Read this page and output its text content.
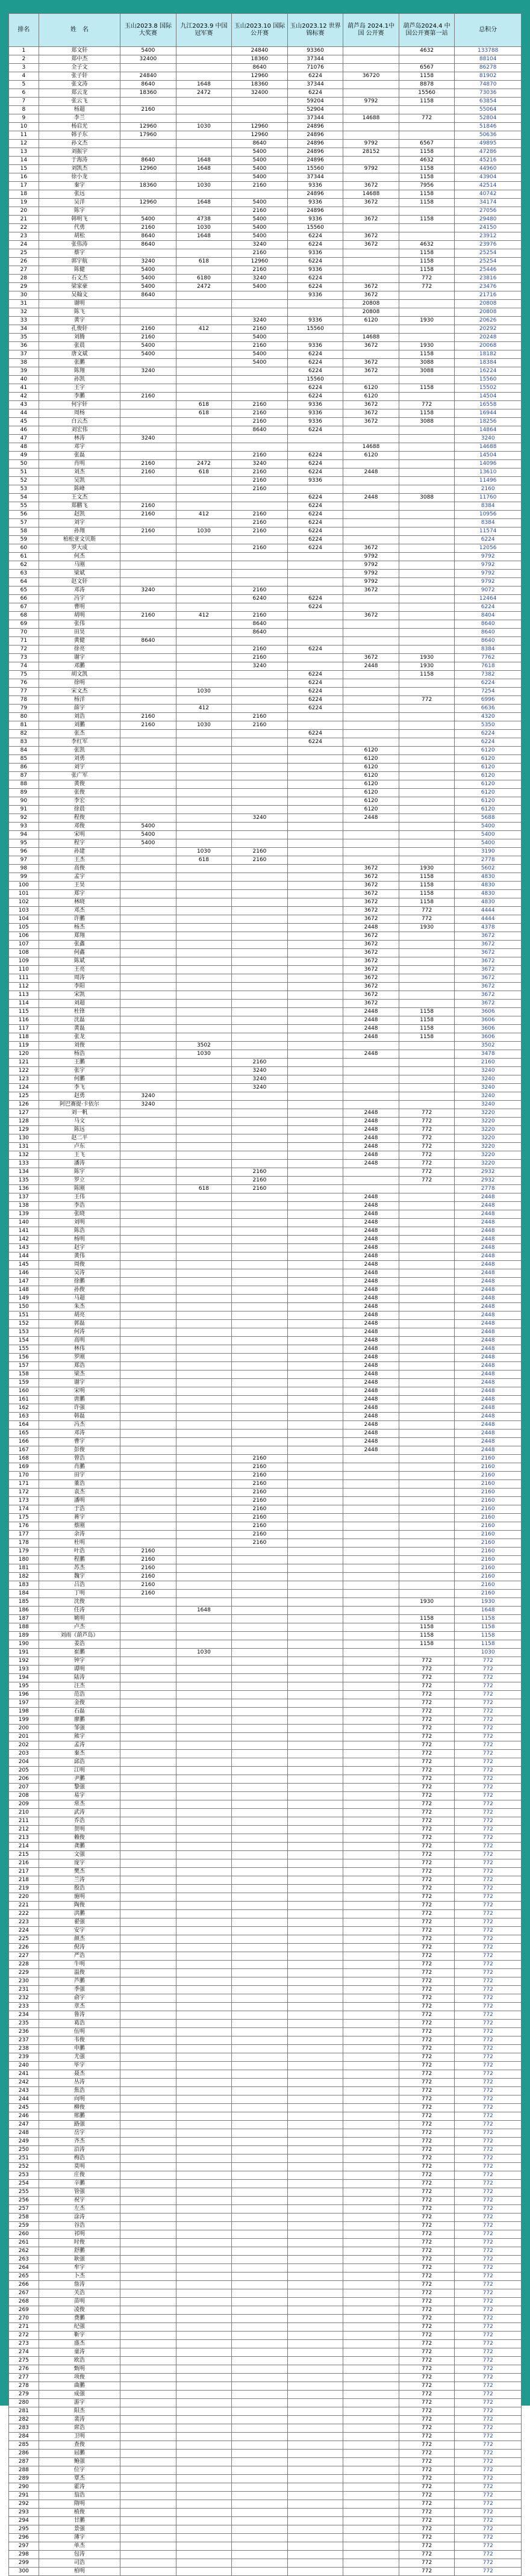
排名	姓　名	玉山2023.8 国际大奖赛	九江2023.9 中国冠军赛	玉山2023.10 国际公开赛	玉山2023.12 世界锦标赛	葫芦岛 2024.1中国 公开赛	葫芦岛2024.4 中国公开赛第一站	总积分
1	郑文轩	5400		24840	93360		4632	133788
2	郑中杰	32400		18360	37344			88104
3	全子文			8640	71076		6567	86278
4	张子轩	24840		12960	6224	36720	1158	81902
5	张文涛	8640	1648	18360	37344		8878	74870
6	郑云龙	18360	2472	32400	6224		15560	73036
7	张云飞				59204	9792	1158	63854
8	杨超	2160			52904			55064
9	李兰				37344	14688	772	52804
10	杨启光	12960	1030	12960	24896			51846
11	韩子东	17960		12960	24896			50636
12	孙文杰			8640	24896	9792	6567	49895
13	刘振宇			5400	24896	28152	1158	47286
14	于海涛	8640	1648	5400	24896		4632	45216
15	刘凯杰	12960	1648	5400	15560	9792	1158	44960
16	徐小龙			5400	37344		1158	43904
17	秦宇	18360	1030	2160	9336	3672	7956	42514
18	张远				24896	14688	1158	40742
19	吴洋	12960	1648	5400	9336	3672	1158	34174
20	陈宇			2160	24896			27056
21	韩明飞	5400	4738	5400	9336	3672	1158	29480
22	代勇	2160	1030	5400	15560			24150
23	胡松	8640	1648	5400	6224	3672		23912
24	张伟涛	8640		3240	6224	3672	4632	23976
25	蔡宇			2160	9336		1158	25254
26	郭宇航	3240	618	12960	6224		1158	25254
27	陈健	5400		2160	9336		1158	25446
28	石文杰	5400	6180	3240	6224		772	23816
29	梁家豪	5400	2472	5400	6224	3672	772	23476
30	吴翰文	8640			9336	3672		21716
31	谢明					20808		20808
32	陈飞					20808		20808
33	黄宇			3240	9336	6120	1930	20626
34	孔俊轩	2160	412	2160	15560			20292
35	刘腾	2160		5400		14688		20248
36	张晨	5400		2160	9336	3672	1930	20068
37	唐文斌	5400		5400	6224		1158	18182
38	张鹏			5400	6224	3672	3088	18384
39	陈翔	3240			6224	3672	3088	16224
40	孙凯				15560			15560
41	王宇				6224	6120	1158	15502
42	李鹏	2160			6224	6120		14504
43	何宇轩		618	2160	9336	3672	772	16558
44	周杨		618	2160	9336	3672	1158	16944
45	白云杰			2160	9336	3672	3088	18256
46	刘宏伟			8640	6224			14864
47	林涛	3240						3240
48	邓宇					14688		14688
49	张磊			2160	6224	6120		14504
50	肖明	2160	2472	3240	6224			14096
51	刘杰	2160	618	2160	6224	2448		13610
52	吴凯			2160	9336			11496
53	陈峰			2160				2160
54	王文杰				6224	2448	3088	11760
55	郑鹏飞	2160			6224			8384
56	赵凯	2160	412	2160	6224			10956
57	刘宇			2160	6224			8384
58	孙翔	2160	1030	2160	6224			11574
59	柏松亚文贝斯				6224			6224
60	罗大成			2160	6224	3672		12056
61	何杰					9792		9792
62	马刚					9792		9792
63	梁斌					9792		9792
64	赵文轩					9792		9792
65	邓涛	3240		2160		3672		9072
66	冯宇			6240	6224			12464
67	曹明				6224			6224
68	胡明	2160	412	2160		3672		8404
69	张伟			8640				8640
70	田昊			8640				8640
71	黄健	8640						8640
72	徐亮			2160	6224			8384
73	谢宇			2160		3672	1930	7762
74	邓鹏			3240		2448	1930	7618
75	胡文凯				6224		1158	7382
76	徐明				6224			6224
77	宋文杰		1030		6224			7254
78	杨洋				6224		772	6996
79	薛宇		412		6224			6636
80	刘浩	2160		2160				4320
81	刘鹏	2160	1030	2160				5350
82	张杰				6224			6224
83	李红军				6224			6224
84	张凯					6120		6120
85	刘勇					6120		6120
86	刘宇					6120		6120
87	张广军					6120		6120
88	黄俊					6120		6120
89	张俊					6120		6120
90	李宏					6120		6120
91	徐晨					6120		6120
92	程俊			3240		2448		5688
93	邓俊	5400						5400
94	宋明	5400						5400
95	程宇	5400						5400
96	孙建		1030	2160				3190
97	王杰		618	2160				2778
98	高俊					3672	1930	5602
99	孟宇					3672	1158	4830
100	王昊					3672	1158	4830
101	郑宇					3672	1158	4830
102	林晓					3672	1158	4830
103	邓杰					3672	772	4444
104	许鹏					3672	772	4444
105	杨杰					2448	1930	4378
106	郑翔					3672		3672
107	张鑫					3672		3672
108	何鑫					3672		3672
109	陈斌					3672		3672
110	王亮					3672		3672
111	周涛					3672		3672
112	李阳					3672		3672
113	宋凯					3672		3672
114	刘超					3672		3672
115	杜锋					2448	1158	3606
116	沈磊					2448	1158	3606
117	黄磊					2448	1158	3606
118	张龙					2448	1158	3606
119	刘俊		3502					3502
120	杨浩		1030			2448		3478
121	王鹏			2160				2160
122	张宇			3240				3240
123	何鹏			3240				3240
124	李飞			3240				3240
125	赵勇	3240						3240
126	阿巴赛提·卡依尔	3240						3240
127	刘一帆					2448	772	3220
128	马文					2448	772	3220
129	陈远					2448	772	3220
130	赵二平					2448	772	3220
131	卢东					2448	772	3220
132	王飞					2448	772	3220
133	潘涛					2448	772	3220
134	陈宇			2160			772	2932
135	罗立			2160			772	2932
136	陈刚		618	2160				2778
137	王伟					2448		2448
138	李浩					2448		2448
139	张晓					2448		2448
140	刘明					2448		2448
141	陈浩					2448		2448
142	杨明					2448		2448
143	赵宇					2448		2448
144	黄伟					2448		2448
145	周俊					2448		2448
146	吴涛					2448		2448
147	徐鹏					2448		2448
148	孙俊					2448		2448
149	马超					2448		2448
150	朱杰					2448		2448
151	胡亮					2448		2448
152	郭磊					2448		2448
153	何涛					2448		2448
154	高明					2448		2448
155	林伟					2448		2448
156	罗刚					2448		2448
157	郑浩					2448		2448
158	梁杰					2448		2448
159	谢宇					2448		2448
160	宋明					2448		2448
161	唐鹏					2448		2448
162	许强					2448		2448
163	韩磊					2448		2448
164	冯杰					2448		2448
165	邓涛					2448		2448
166	曹宇					2448		2448
167	彭俊					2448		2448
168	曾浩			2160				2160
169	肖鹏			2160				2160
170	田宇			2160				2160
171	董浩			2160				2160
172	袁杰			2160				2160
173	潘明			2160				2160
174	于浩			2160				2160
175	蒋宇			2160				2160
176	蔡刚			2160				2160
177	余涛			2160				2160
178	杜明			2160				2160
179	叶浩	2160						2160
180	程鹏	2160						2160
181	苏杰	2160						2160
182	魏宇	2160						2160
183	吕浩	2160						2160
184	丁明	2160						2160
185	沈俊						1930	1930
186	任涛		1648					1648
187	姚明						1158	1158
188	卢杰						1158	1158
189	刘雨（葫芦岛）						1158	1158
190	姜浩						1158	1158
191	崔鹏		1030					1030
192	钟宇						772	772
193	谭明						772	772
194	陆涛						772	772
195	汪杰						772	772
196	范浩						772	772
197	金俊						772	772
198	石磊						772	772
199	廖鹏						772	772
200	邹强						772	772
201	熊宇						772	772
202	孟涛						772	772
203	秦杰						772	772
204	邱浩						772	772
205	江明						772	772
206	尹鹏						772	772
207	黎强						772	772
208	易宇						772	772
209	常杰						772	772
210	武涛						772	772
211	乔浩						772	772
212	贺明						772	772
213	赖俊						772	772
214	龚鹏						772	772
215	文强						772	772
216	庞宇						772	772
217	樊杰						772	772
218	兰涛						772	772
219	殷浩						772	772
220	施明						772	772
221	陶俊						772	772
222	洪鹏						772	772
223	翟强						772	772
224	安宇						772	772
225	颜杰						772	772
226	倪涛						772	772
227	严浩						772	772
228	牛明						772	772
229	温俊						772	772
230	芦鹏						772	772
231	季强						772	772
232	俞宇						772	772
233	章杰						772	772
234	鲁涛						772	772
235	葛浩						772	772
236	伍明						772	772
237	韦俊						772	772
238	申鹏						772	772
239	尤强						772	772
240	毕宇						772	772
241	聂杰						772	772
242	丛涛						772	772
243	焦浩						772	772
244	向明						772	772
245	柳俊						772	772
246	邢鹏						772	772
247	路强						772	772
248	岳宇						772	772
249	齐杰						772	772
250	沿涛						772	772
251	梅浩						772	772
252	莫明						772	772
253	庄俊						772	772
254	辛鹏						772	772
255	管强						772	772
256	祝宇						772	772
257	左杰						772	772
258	涂涛						772	772
259	谷浩						772	772
260	祁明						772	772
261	时俊						772	772
262	舒鹏						772	772
263	耿强						772	772
264	牟宇						772	772
265	卜杰						772	772
266	詹涛						772	772
267	关浩						772	772
268	苗明						772	772
269	凌俊						772	772
270	费鹏						772	772
271	纪强						772	772
272	靳宇						772	772
273	盛杰						772	772
274	童涛						772	772
275	欧浩						772	772
276	甄明						772	772
277	项俊						772	772
278	曲鹏						772	772
279	成强						772	772
280	游宇						772	772
281	阳杰						772	772
282	裴涛						772	772
283	席浩						772	772
284	卫明						772	772
285	查俊						772	772
286	屈鹏						772	772
287	鲍强						772	772
288	位宇						772	772
289	覃杰						772	772
290	霍涛						772	772
291	翁浩						772	772
292	隋明						772	772
293	植俊						772	772
294	甘鹏						772	772
295	景强						772	772
296	薄宇						772	772
297	单杰						772	772
298	包涛						772	772
299	司浩						772	772
300	柏明						772	772
